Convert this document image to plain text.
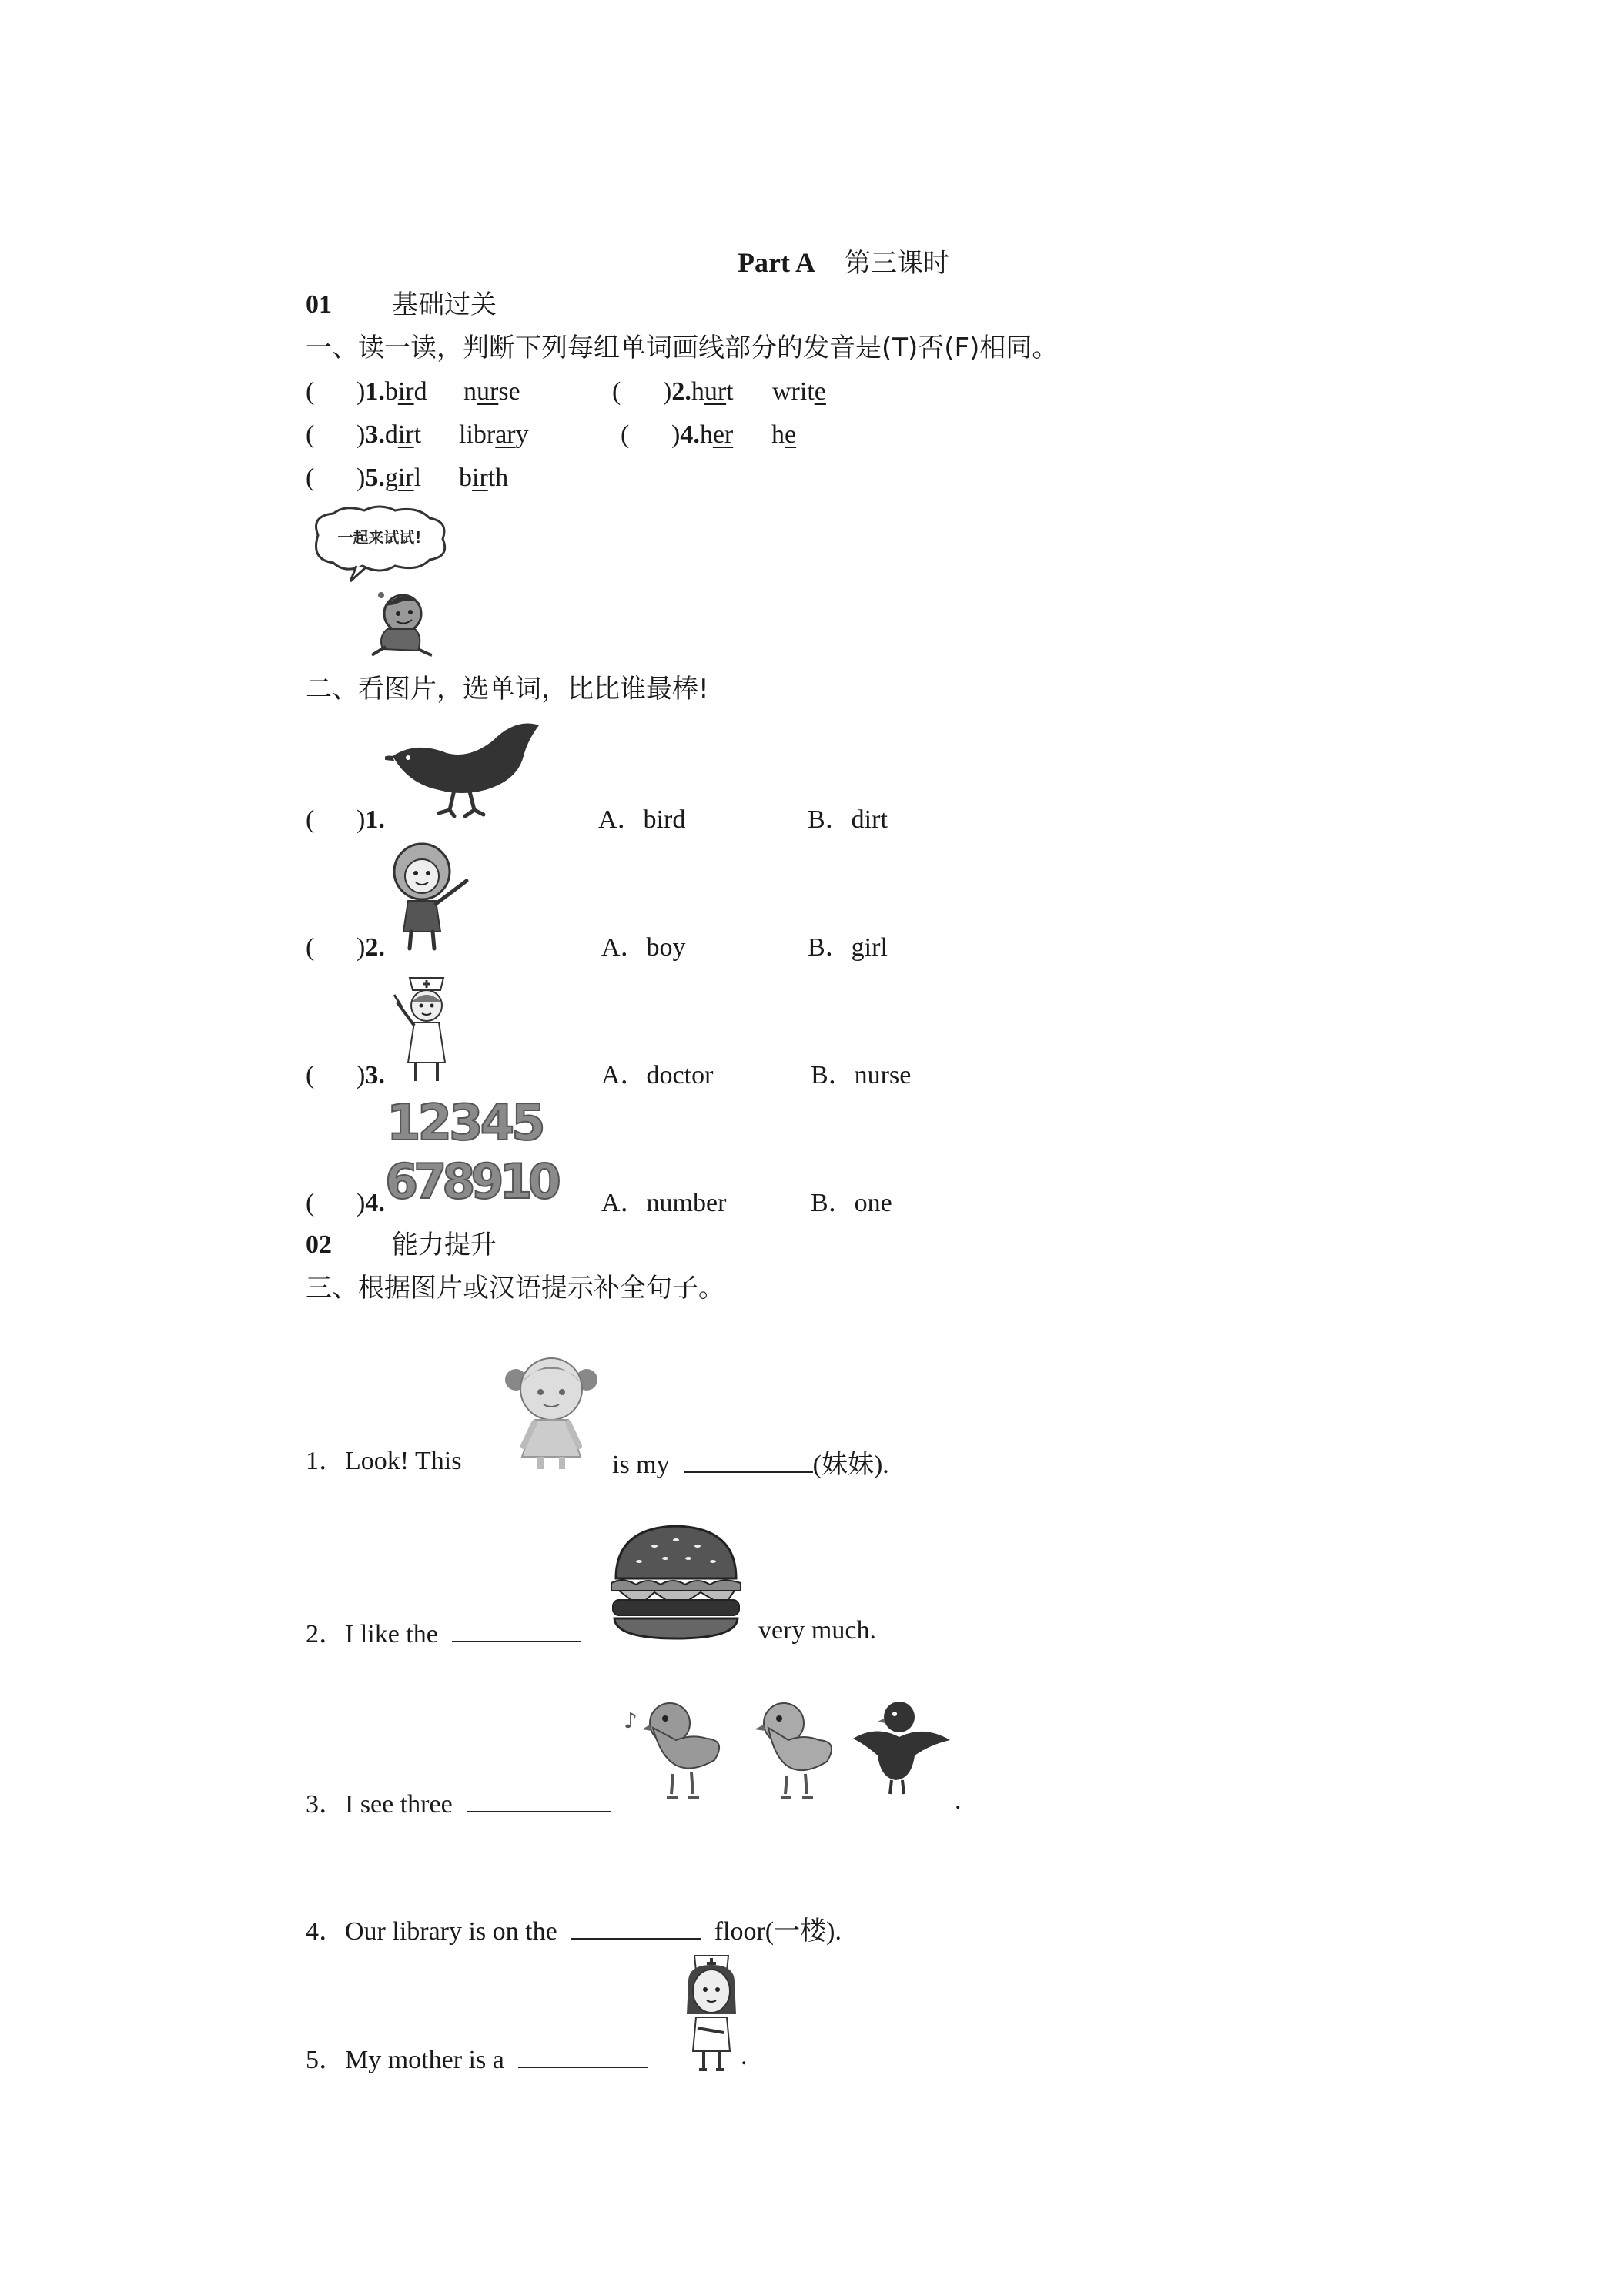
Part A 第三课时
01 基础过关
一、读一读，判断下列每组单词画线部分的发音是(T)否(F)相同。
( )1.bird nurse	( )2.hurt write
( )3.dirt library	( )4.her he
( )5.girl birth
一起来试试!
二、看图片，选单词，比比谁最棒!
( )1.	A．bird	B．dirt
( )2.	A．boy	B．girl
( )3.	A．doctor	B．nurse
12345
678910
( )4.	A．number	B．one
02 能力提升
三、根据图片或汉语提示补全句子。
1．Look! This	is my	(妹妹).
2．I like the	very much.
♪
3．I see three	.
4．Our library is on the	floor(一楼).
5．My mother is a	.
